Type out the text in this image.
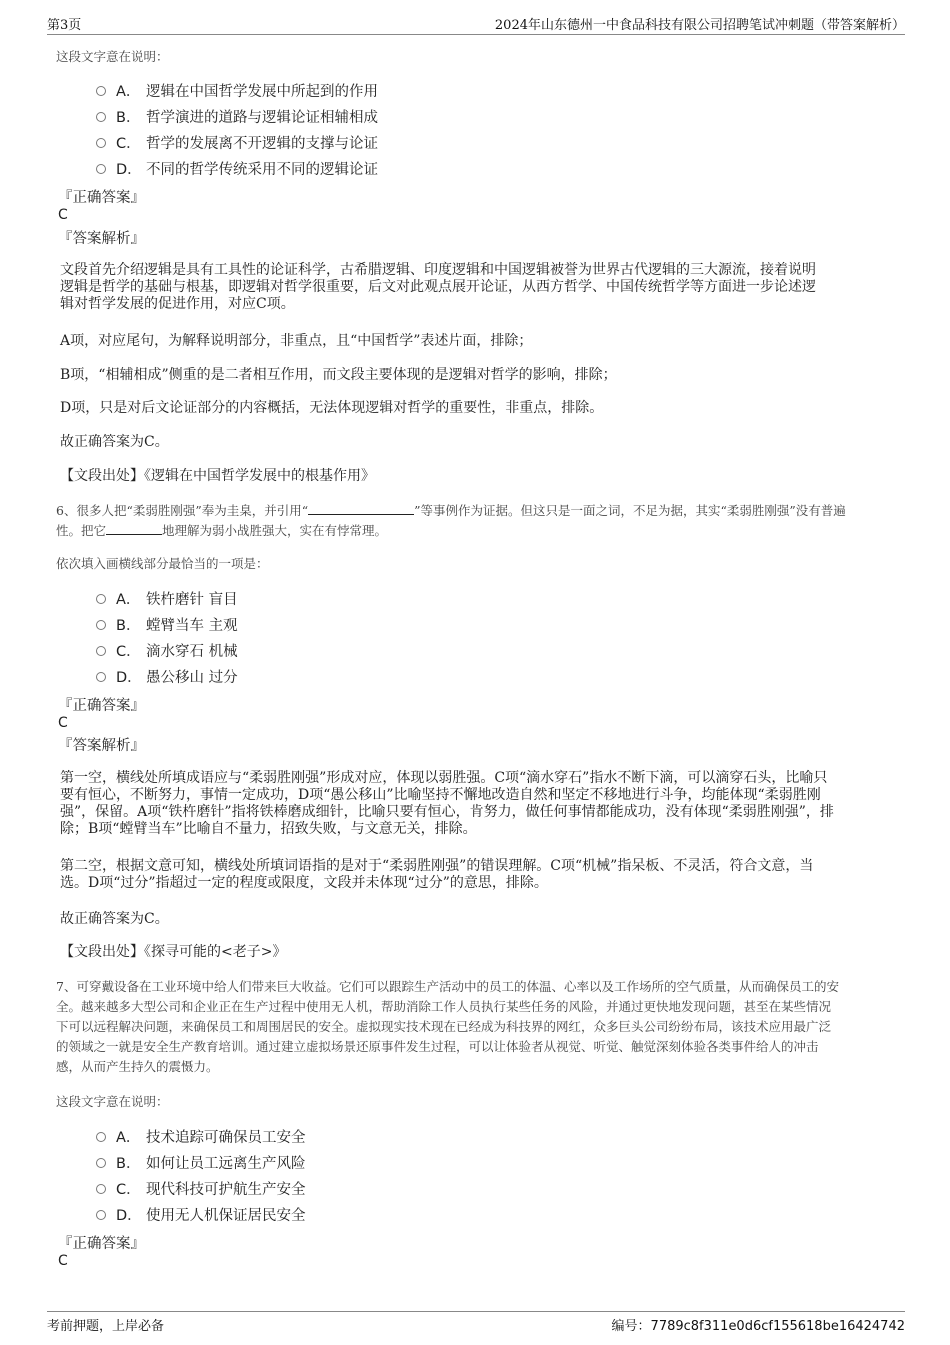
第3页	2024年山东德州一中食品科技有限公司招聘笔试冲刺题（带答案解析）
这段文字意在说明：
A． 逻辑在中国哲学发展中所起到的作用
B． 哲学演进的道路与逻辑论证相辅相成
C． 哲学的发展离不开逻辑的支撑与论证
D． 不同的哲学传统采用不同的逻辑论证
『正确答案』
C
『答案解析』
文段首先介绍逻辑是具有工具性的论证科学，古希腊逻辑、印度逻辑和中国逻辑被誉为世界古代逻辑的三大源流，接着说明
逻辑是哲学的基础与根基，即逻辑对哲学很重要，后文对此观点展开论证，从西方哲学、中国传统哲学等方面进一步论述逻
辑对哲学发展的促进作用，对应C项。
A项，对应尾句，为解释说明部分，非重点，且“中国哲学”表述片面，排除；
B项，“相辅相成”侧重的是二者相互作用，而文段主要体现的是逻辑对哲学的影响，排除；
D项，只是对后文论证部分的内容概括，无法体现逻辑对哲学的重要性，非重点，排除。
故正确答案为C。
【文段出处】《逻辑在中国哲学发展中的根基作用》
6、很多人把“柔弱胜刚强”奉为圭臬，并引用“	”等事例作为证据。但这只是一面之词，不足为据，其实“柔弱胜刚强”没有普遍
性。把它	地理解为弱小战胜强大，实在有悖常理。
依次填入画横线部分最恰当的一项是：
A． 铁杵磨针 盲目
B． 螳臂当车 主观
C． 滴水穿石 机械
D． 愚公移山 过分
『正确答案』
C
『答案解析』
第一空，横线处所填成语应与“柔弱胜刚强”形成对应，体现以弱胜强。C项“滴水穿石”指水不断下滴，可以滴穿石头，比喻只
要有恒心，不断努力，事情一定成功，D项“愚公移山”比喻坚持不懈地改造自然和坚定不移地进行斗争，均能体现“柔弱胜刚
强”，保留。A项“铁杵磨针”指将铁棒磨成细针，比喻只要有恒心，肯努力，做任何事情都能成功，没有体现“柔弱胜刚强”，排
除；B项“螳臂当车”比喻自不量力，招致失败，与文意无关，排除。
第二空，根据文意可知，横线处所填词语指的是对于“柔弱胜刚强”的错误理解。C项“机械”指呆板、不灵活，符合文意，当
选。D项“过分”指超过一定的程度或限度，文段并未体现“过分”的意思，排除。
故正确答案为C。
【文段出处】《探寻可能的<老子>》
7、可穿戴设备在工业环境中给人们带来巨大收益。它们可以跟踪生产活动中的员工的体温、心率以及工作场所的空气质量，从而确保员工的安
全。越来越多大型公司和企业正在生产过程中使用无人机，帮助消除工作人员执行某些任务的风险，并通过更快地发现问题，甚至在某些情况
下可以远程解决问题，来确保员工和周围居民的安全。虚拟现实技术现在已经成为科技界的网红，众多巨头公司纷纷布局，该技术应用最广泛
的领域之一就是安全生产教育培训。通过建立虚拟场景还原事件发生过程，可以让体验者从视觉、听觉、触觉深刻体验各类事件给人的冲击
感，从而产生持久的震慑力。
这段文字意在说明：
A． 技术追踪可确保员工安全
B． 如何让员工远离生产风险
C． 现代科技可护航生产安全
D． 使用无人机保证居民安全
『正确答案』
C
考前押题，上岸必备	编号：7789c8f311e0d6cf155618be16424742
